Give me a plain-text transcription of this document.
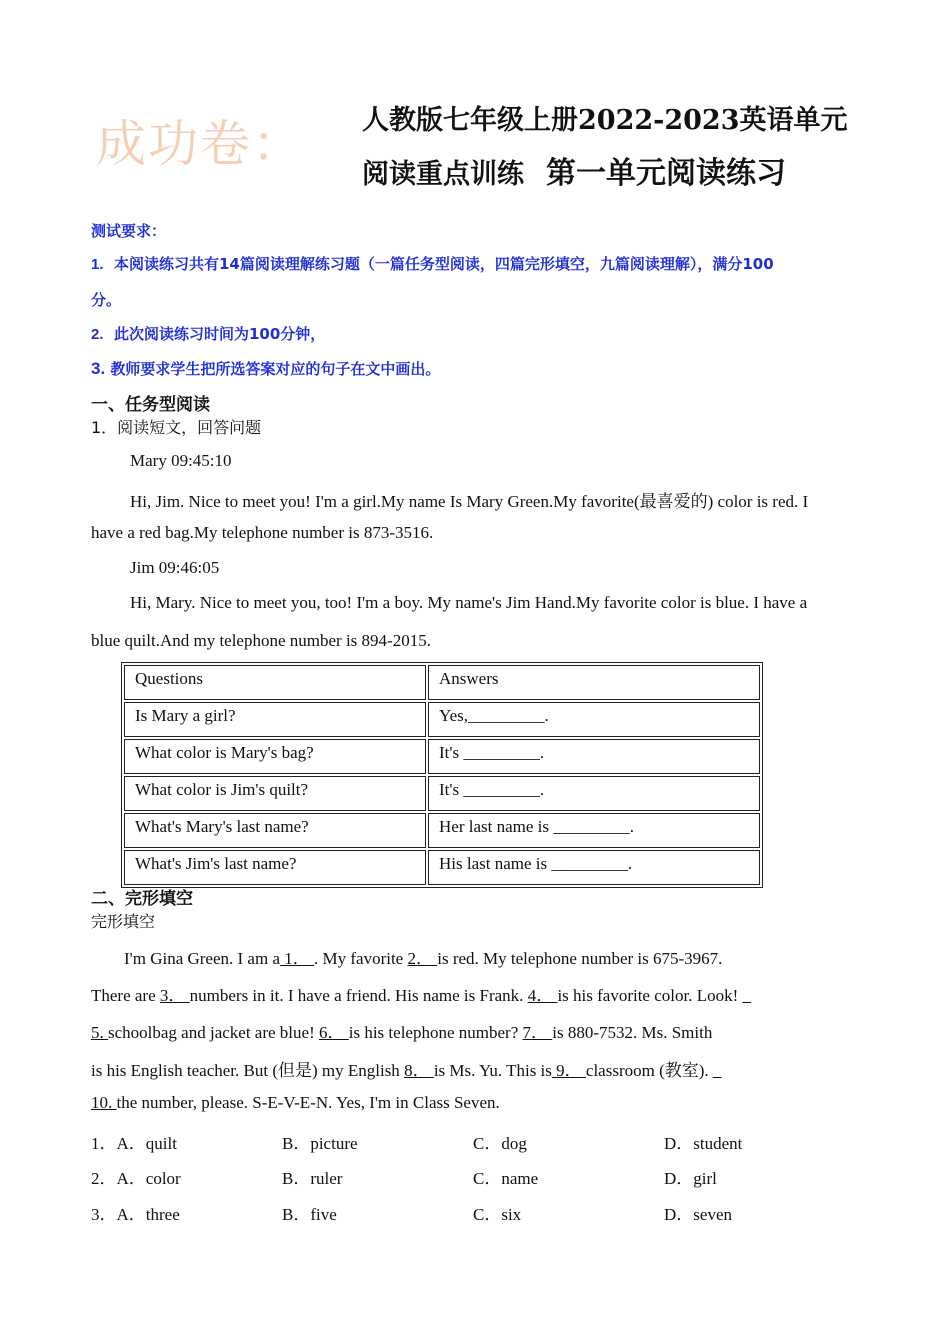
成功卷： 人教版七年级上册2022-2023英语单元
阅读重点训练 第一单元阅读练习
测试要求：
1. 本阅读练习共有14篇阅读理解练习题（一篇任务型阅读，四篇完形填空，九篇阅读理解），满分100
分。
2. 此次阅读练习时间为100分钟，
3. 教师要求学生把所选答案对应的句子在文中画出。
一、任务型阅读
1．阅读短文，回答问题
Mary 09:45:10
Hi, Jim. Nice to meet you! I'm a girl.My name Is Mary Green.My favorite(最喜爱的) color is red. I
have a red bag.My telephone number is 873-3516.
Jim 09:46:05
Hi, Mary. Nice to meet you, too! I'm a boy. My name's Jim Hand.My favorite color is blue. I have a
blue quilt.And my telephone number is 894-2015.
Questions	Answers
Is Mary a girl?	Yes,_________.
What color is Mary's bag?	It's _________.
What color is Jim's quilt?	It's _________.
What's Mary's last name?	Her last name is _________.
What's Jim's last name?	His last name is _________.
二、完形填空
完形填空
I'm Gina Green. I am a 1． . My favorite 2． is red. My telephone number is 675-3967.
There are 3． numbers in it. I have a friend. His name is Frank. 4． is his favorite color. Look! _
5. schoolbag and jacket are blue! 6． is his telephone number? 7． is 880-7532. Ms. Smith
is his English teacher. But (但是) my English 8． is Ms. Yu. This is 9． classroom (教室). _
10. the number, please. S-E-V-E-N. Yes, I'm in Class Seven.
1．A．quilt	B．picture	C．dog	D．student
2．A．color	B．ruler	C．name	D．girl
3．A．three	B．five	C．six	D．seven
